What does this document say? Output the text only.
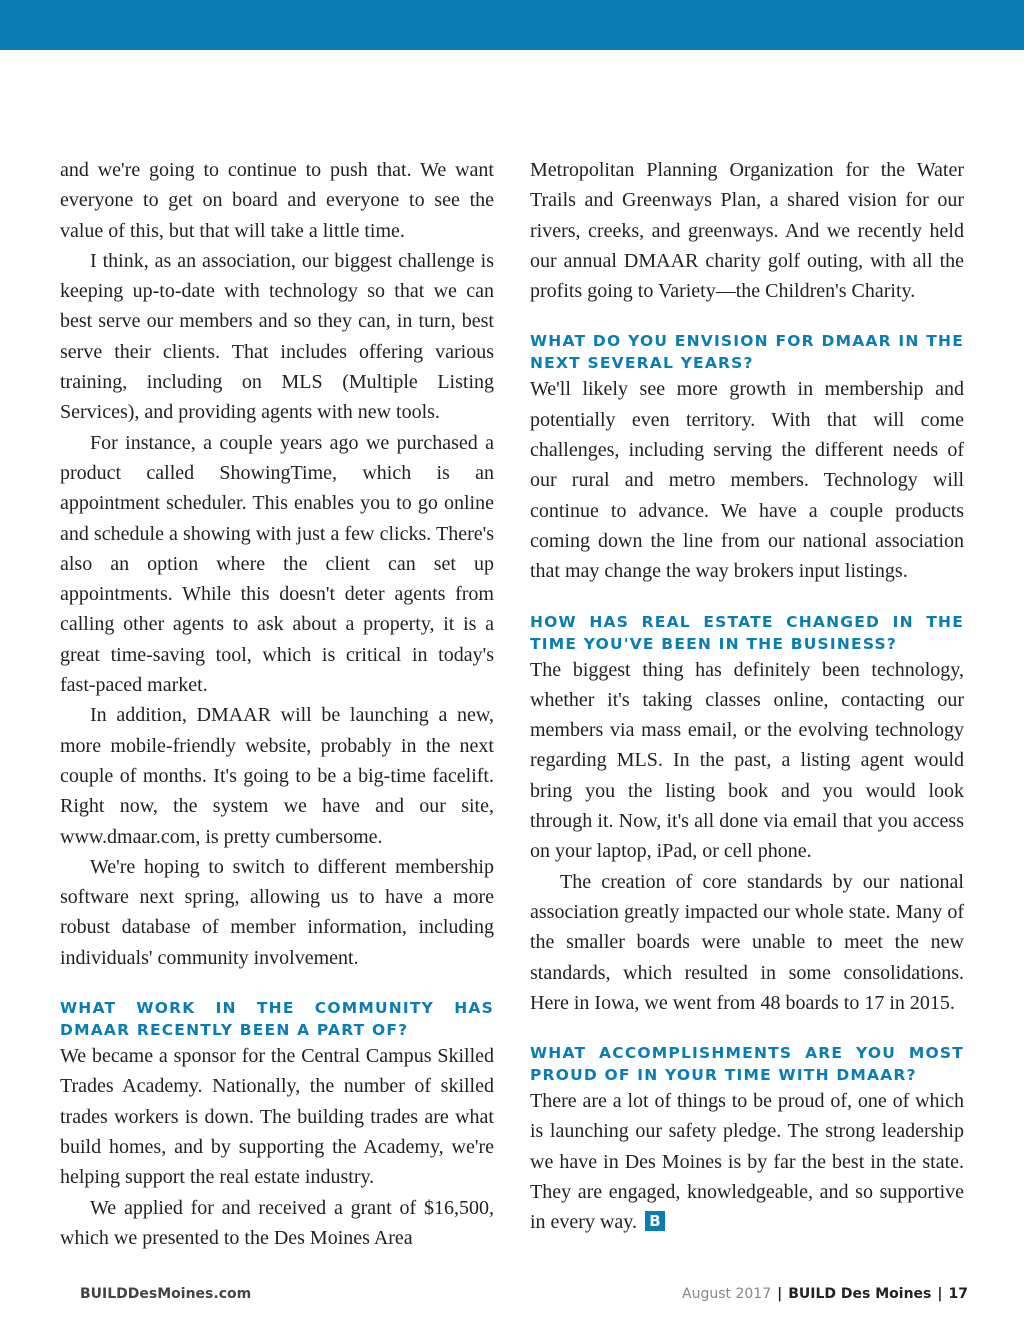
and we're going to continue to push that. We want everyone to get on board and everyone to see the value of this, but that will take a little time.

I think, as an association, our biggest challenge is keeping up-to-date with technology so that we can best serve our members and so they can, in turn, best serve their clients. That includes offering various training, including on MLS (Multiple Listing Services), and providing agents with new tools.

For instance, a couple years ago we purchased a product called ShowingTime, which is an appointment scheduler. This enables you to go online and schedule a showing with just a few clicks. There's also an option where the client can set up appointments. While this doesn't deter agents from calling other agents to ask about a property, it is a great time-saving tool, which is critical in today's fast-paced market.

In addition, DMAAR will be launching a new, more mobile-friendly website, probably in the next couple of months. It's going to be a big-time facelift. Right now, the system we have and our site, www.dmaar.com, is pretty cumbersome.

We're hoping to switch to different membership software next spring, allowing us to have a more robust database of member information, including individuals' community involvement.

WHAT WORK IN THE COMMUNITY HAS DMAAR RECENTLY BEEN A PART OF?

We became a sponsor for the Central Campus Skilled Trades Academy. Nationally, the number of skilled trades workers is down. The building trades are what build homes, and by supporting the Academy, we're helping support the real estate industry.

We applied for and received a grant of $16,500, which we presented to the Des Moines Area

Metropolitan Planning Organization for the Water Trails and Greenways Plan, a shared vision for our rivers, creeks, and greenways. And we recently held our annual DMAAR charity golf outing, with all the profits going to Variety—the Children's Charity.

WHAT DO YOU ENVISION FOR DMAAR IN THE NEXT SEVERAL YEARS?

We'll likely see more growth in membership and potentially even territory. With that will come challenges, including serving the different needs of our rural and metro members. Technology will continue to advance. We have a couple products coming down the line from our national association that may change the way brokers input listings.

HOW HAS REAL ESTATE CHANGED IN THE TIME YOU'VE BEEN IN THE BUSINESS?

The biggest thing has definitely been technology, whether it's taking classes online, contacting our members via mass email, or the evolving technology regarding MLS. In the past, a listing agent would bring you the listing book and you would look through it. Now, it's all done via email that you access on your laptop, iPad, or cell phone.

The creation of core standards by our national association greatly impacted our whole state. Many of the smaller boards were unable to meet the new standards, which resulted in some consolidations. Here in Iowa, we went from 48 boards to 17 in 2015.

WHAT ACCOMPLISHMENTS ARE YOU MOST PROUD OF IN YOUR TIME WITH DMAAR?

There are a lot of things to be proud of, one of which is launching our safety pledge. The strong leadership we have in Des Moines is by far the best in the state. They are engaged, knowledgeable, and so supportive in every way. B

BUILDDesMoines.com	August 2017 | BUILD Des Moines | 17
